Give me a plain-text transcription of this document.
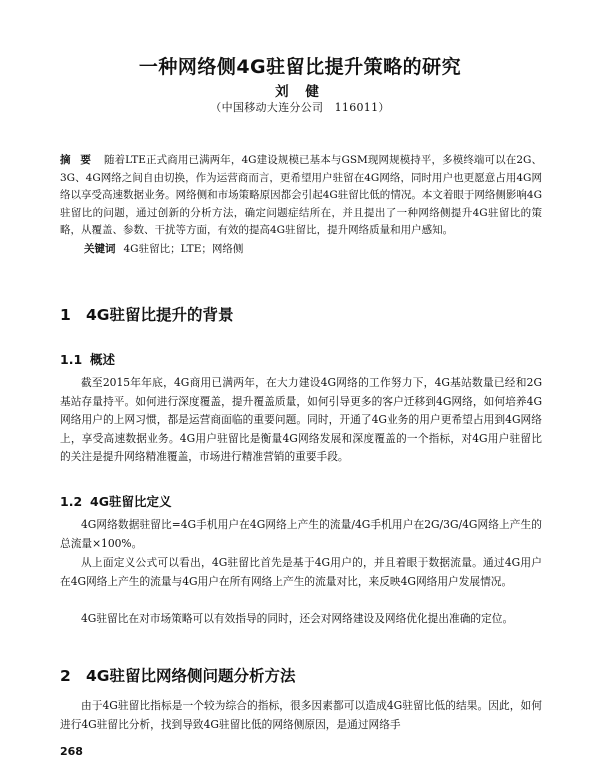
一种网络侧4G驻留比提升策略的研究
刘 健
（中国移动大连分公司　116011）
摘 要 随着LTE正式商用已满两年，4G建设规模已基本与GSM现网规模持平，多模终端可以在2G、3G、4G网络之间自由切换，作为运营商而言，更希望用户驻留在4G网络，同时用户也更愿意占用4G网络以享受高速数据业务。网络侧和市场策略原因都会引起4G驻留比低的情况。本文着眼于网络侧影响4G驻留比的问题，通过创新的分析方法，确定问题症结所在，并且提出了一种网络侧提升4G驻留比的策略，从覆盖、参数、干扰等方面，有效的提高4G驻留比，提升网络质量和用户感知。
关键词 4G驻留比；LTE；网络侧
1 4G驻留比提升的背景
1.1 概述

截至2015年年底，4G商用已满两年，在大力建设4G网络的工作努力下，4G基站数量已经和2G基站存量持平。如何进行深度覆盖，提升覆盖质量，如何引导更多的客户迁移到4G网络，如何培养4G网络用户的上网习惯，都是运营商面临的重要问题。同时，开通了4G业务的用户更希望占用到4G网络上，享受高速数据业务。4G用户驻留比是衡量4G网络发展和深度覆盖的一个指标，对4G用户驻留比的关注是提升网络精准覆盖，市场进行精准营销的重要手段。

1.2 4G驻留比定义

4G网络数据驻留比=4G手机用户在4G网络上产生的流量/4G手机用户在2G/3G/4G网络上产生的总流量×100%。

从上面定义公式可以看出，4G驻留比首先是基于4G用户的，并且着眼于数据流量。通过4G用户在4G网络上产生的流量与4G用户在所有网络上产生的流量对比，来反映4G网络用户发展情况。

4G驻留比在对市场策略可以有效指导的同时，还会对网络建设及网络优化提出准确的定位。

2 4G驻留比网络侧问题分析方法

由于4G驻留比指标是一个较为综合的指标，很多因素都可以造成4G驻留比低的结果。因此，如何进行4G驻留比分析，找到导致4G驻留比低的网络侧原因，是通过网络手

268
